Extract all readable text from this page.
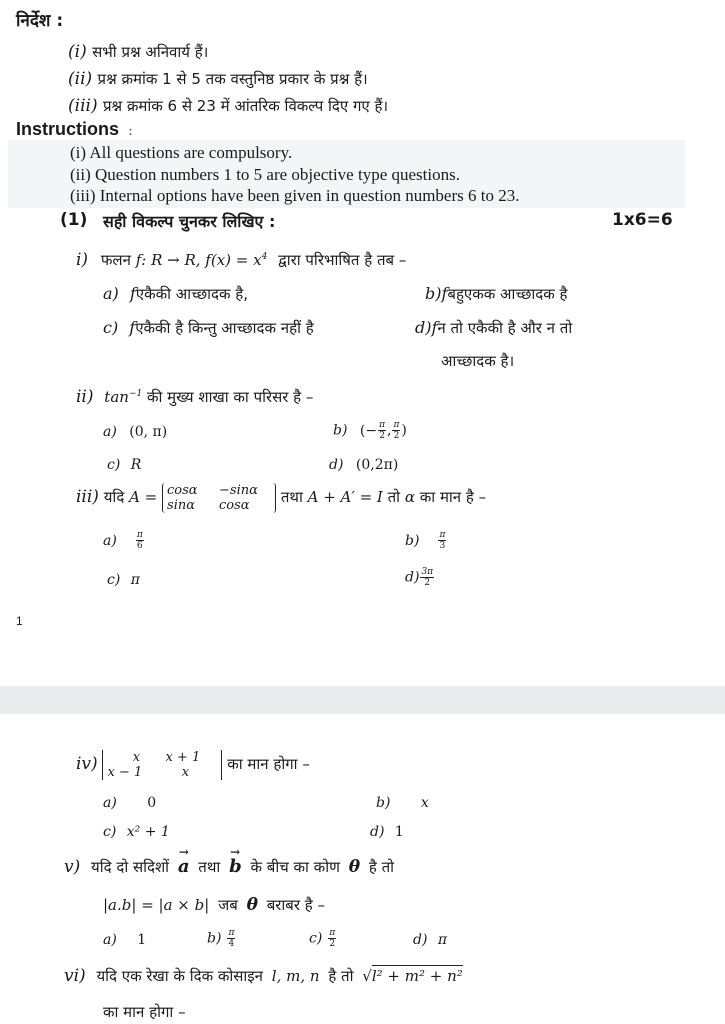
निर्देश :
(i) सभी प्रश्न अनिवार्य हैं।
(ii) प्रश्न क्रमांक 1 से 5 तक वस्तुनिष्ठ प्रकार के प्रश्न हैं।
(iii) प्रश्न क्रमांक 6 से 23 में आंतरिक विकल्प दिए गए हैं।
Instructions :
(i) All questions are compulsory.
(ii) Question numbers 1 to 5 are objective type questions.
(iii) Internal options have been given in question numbers 6 to 23.
(1) सही विकल्प चुनकर लिखिए :	1x6=6
i) फलन f: R → R, $f(x) = x^4$ द्वारा परिभाषित है तब –
a) fएकैकी आच्छादक है,	b)fबहुएकक आच्छादक है
c) fएकैकी है किन्तु आच्छादक नहीं है	d)fन तो एकैकी है और न तो
आच्छादक है।
ii) $\tan^{-1}$ की मुख्य शाखा का परिसर है –
a) (0, π)	b) (− $\frac{\pi}{2}$ , $\frac{\pi}{2}$ )
c) R	d) (0,2π)
iii) यदि A = cosα −sinα
sinα cosα	तथा A + A′ = I तो α का मान है –
$a) \frac{\pi}{6}$	$b) \frac{\pi}{3}$
c) π	$d) \frac{3\pi}{2}$
1
iv)	x x + 1
x − 1	x	का मान होगा –
a) 0	b) x
c) x² + 1	d) 1
v) यदि दो सदिशों
→
a तथा
→
b के बीच का कोण θ है तो
|a.b| = |a × b| जब θ बराबर है –
a) 1	$b) \frac{\pi}{4}$	$c) \frac{\pi}{2}$	d) π
vi) यदि एक रेखा के दिक कोसाइन l, m, n है तो √l² + m² + n²
का मान होगा –
